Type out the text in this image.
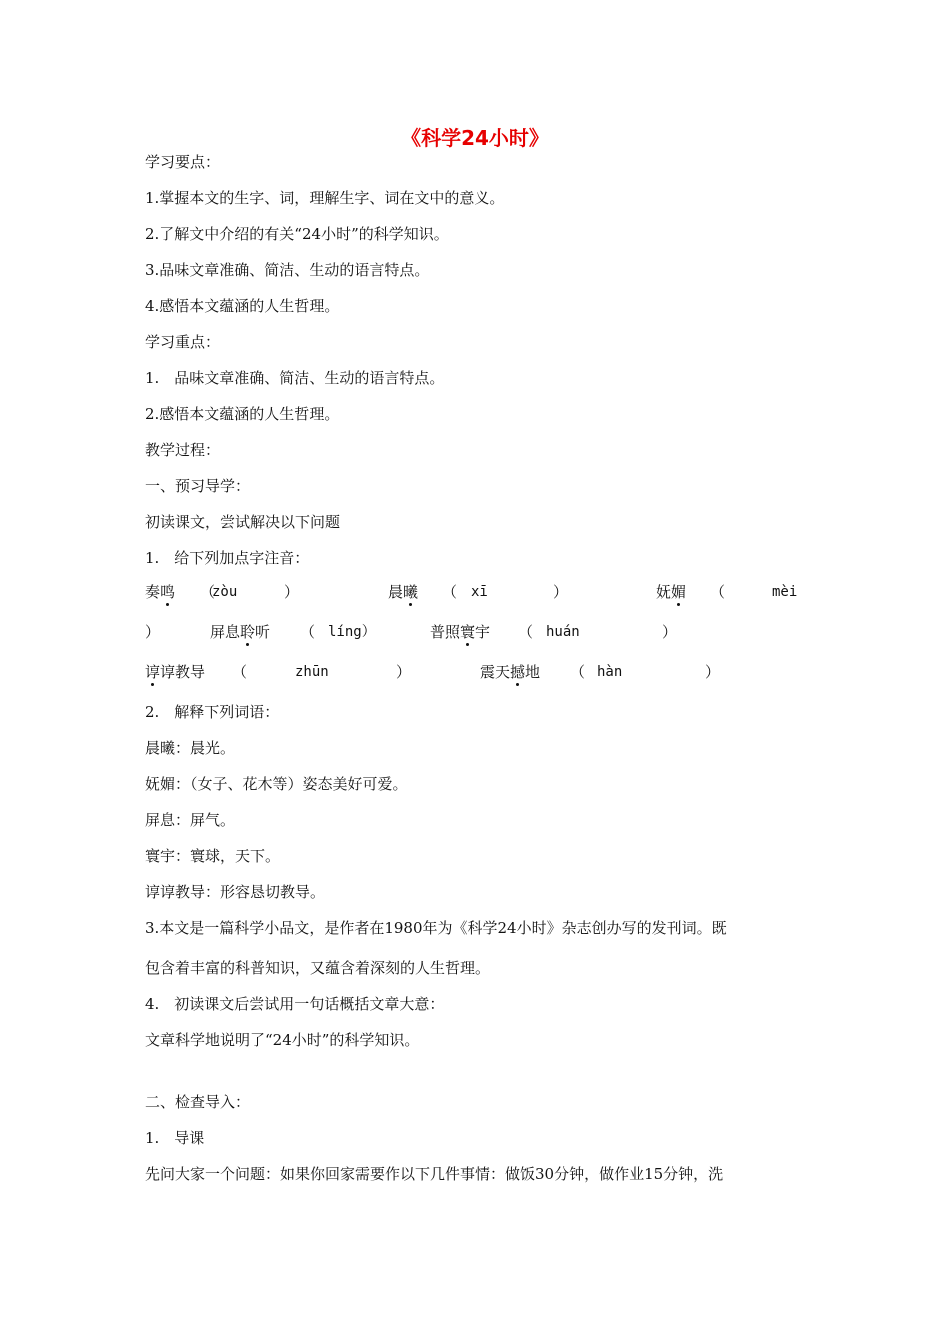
《科学24小时》
学习要点：
1.掌握本文的生字、词，理解生字、词在文中的意义。
2.了解文中介绍的有关“24小时”的科学知识。
3.品味文章准确、简洁、生动的语言特点。
4.感悟本文蕴涵的人生哲理。
学习重点：
1.　品味文章准确、简洁、生动的语言特点。
2.感悟本文蕴涵的人生哲理。
教学过程：
一、预习导学：
初读课文，尝试解决以下问题
1.　给下列加点字注音：
奏鸣 （
zòu	）	晨曦 （ xī	）	妩媚 （	mèi
）	屏息聆听 （ líng）	普照寰宇 （ huán	）
谆谆教导 （	zhūn	）	震天撼地 （ hàn	）
2.　解释下列词语：
晨曦：晨光。
妩媚：（女子、花木等）姿态美好可爱。
屏息：屏气。
寰宇：寰球，天下。
谆谆教导：形容恳切教导。
3.本文是一篇科学小品文，是作者在1980年为《科学24小时》杂志创办写的发刊词。既
包含着丰富的科普知识，又蕴含着深刻的人生哲理。
4.　初读课文后尝试用一句话概括文章大意：
文章科学地说明了“24小时”的科学知识。
二、检查导入：
1.　导课
先问大家一个问题：如果你回家需要作以下几件事情：做饭30分钟，做作业15分钟，洗
